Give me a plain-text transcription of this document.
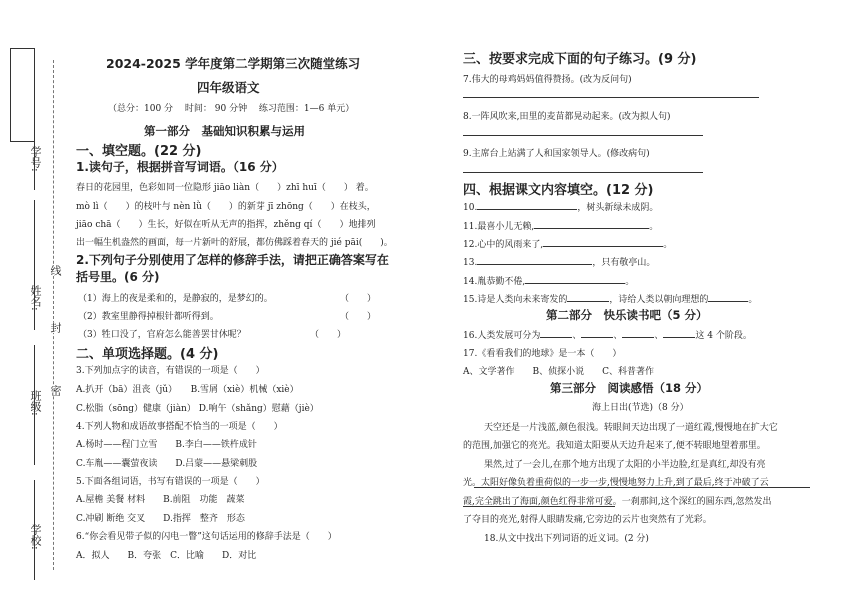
学号:
姓名:
班级:
学校:
线
封
密
2024-2025 学年度第二学期第三次随堂练习
四年级语文
（总分：100 分　 时间： 90 分钟　 练习范围：1—6 单元）
第一部分　基础知识积累与运用
一、填空题。(22 分)
1.读句子，根据拼音写词语。（16 分）
春日的花园里，色彩如同一位隐形 jiāo liàn（　　）zhī huī（　　） 着。
mò lì（　　）的枝叶与 nèn lǜ（　　）的新芽 jī zhōng（　　）在枝头，
jiāo chā（　　）生长，好似在听从无声的指挥，zhěng qí（　　）地排列
出一幅生机盎然的画面，每一片新叶的舒展，都仿佛踩着春天的 jié pāi(　　)。
2.下列句子分别使用了怎样的修辞手法，请把正确答案写在
括号里。(6 分)
（1）海上的夜是柔和的，是静寂的，是梦幻的。	（　　）
（2）教室里静得掉根针都听得到。	（　　）
（3）牲口没了，官府怎么能善罢甘休呢？	（　　）
二、单项选择题。(4 分)
3.下列加点字的读音，有错误的一项是（　　）
A.扒开（bā）沮丧（jǔ）　　B.雪屑（xiè）机械（xiè）
C.松脂（sōng）健康（jiàn） D.响午（shǎng）慰藉（jiè）
4.下列人物和成语故事搭配不恰当的一项是（　　）
A.杨时——程门立雪　　B.李白——铁杵成针
C.车胤——囊萤夜读　　D.吕蒙——悬梁刺股
5.下面各组词语，书写有错误的一项是（　　）
A.屋檐 美餐 材料　　B.前阻　功能　蔬菜
C.冲刷 断绝 交叉　　D.指挥　整齐　形态
6.“你会看见带子似的闪电一瞥”这句话运用的修辞手法是（　　）
A．拟人　　B．夸张　C．比喻　　D．对比
三、按要求完成下面的句子练习。(9 分)
7.伟大的母鸡妈妈值得赞扬。(改为反问句)
8.一阵风吹来,田里的麦苗都晃动起来。(改为拟人句)
9.主席台上站满了人和国家领导人。(修改病句)
四、根据课文内容填空。(12 分)
10.	，树头新绿未成阴。
11.最喜小儿无赖,	。
12.心中的风雨来了,	。
13.	，只有敬亭山。
14.胤恭勤不倦,	。
15.诗是人类向未来寄发的	，诗给人类以朝向理想的	。
第二部分　快乐读书吧（5 分）
16.人类发展可分为	、	、	、	这 4 个阶段。
17.《看看我们的地球》是一本（　　）
A、文学著作　　B、侦探小说　　C、科普著作
第三部分　阅读感悟（18 分）
海上日出(节选)（8 分）
天空还是一片浅蓝,颜色很浅。转眼间天边出现了一道红霞,慢慢地在扩大它
的范围,加强它的亮光。我知道太阳要从天边升起来了,便不转眼地望着那里。
果然,过了一会儿,在那个地方出现了太阳的小半边脸,红是真红,却没有亮
光。太阳好像负着重荷似的一步一步,慢慢地努力上升,到了最后,终于冲破了云
霞,完全跳出了海面,颜色红得非常可爱。一刹那间,这个深红的圆东西,忽然发出
了夺目的亮光,射得人眼睛发痛,它旁边的云片也突然有了光彩。
18.从文中找出下列词语的近义词。(2 分)
